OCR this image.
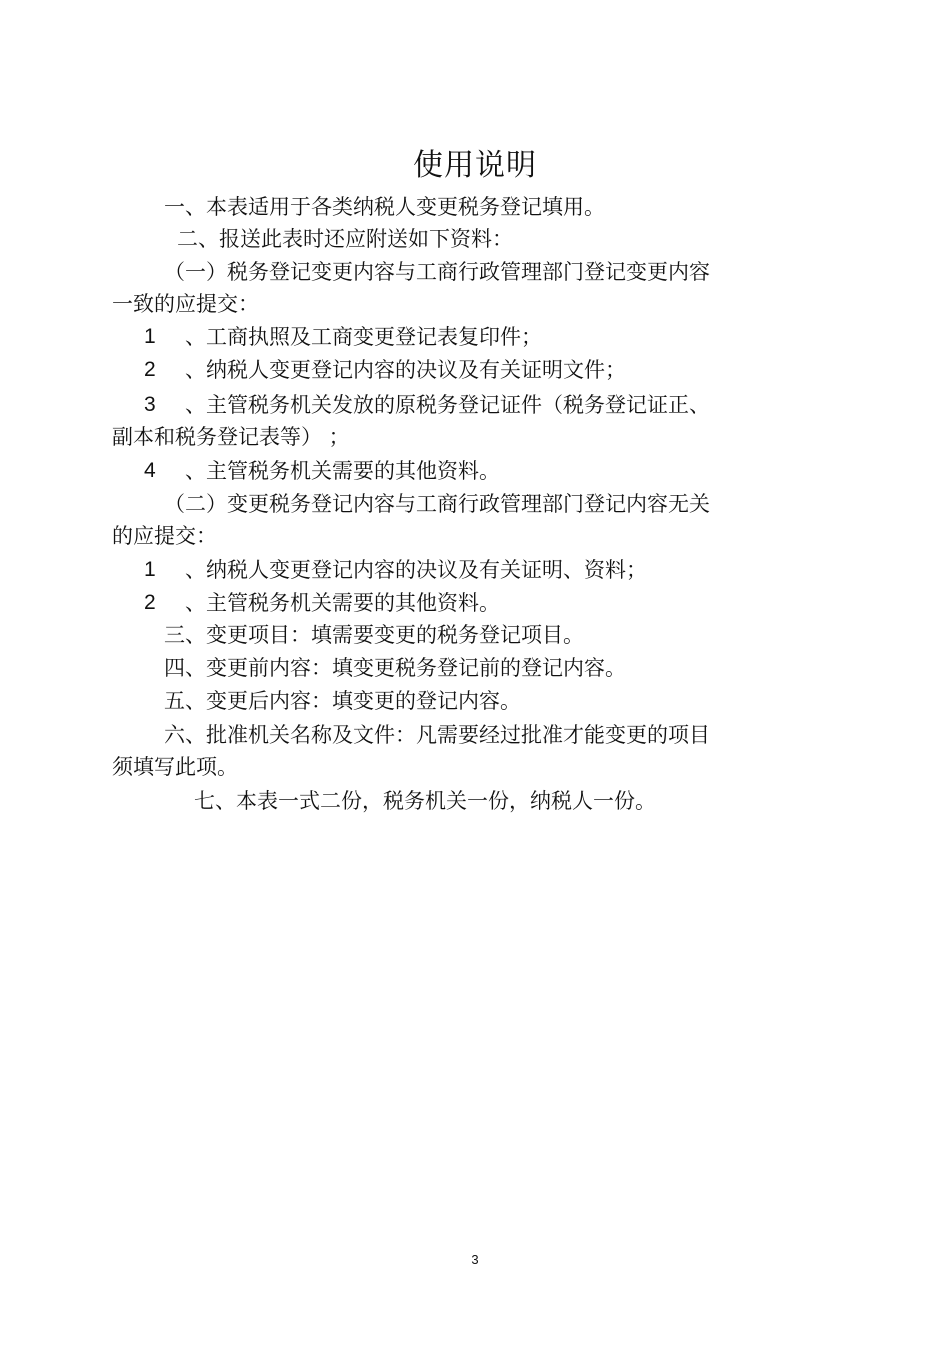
使用说明
一、本表适用于各类纳税人变更税务登记填用。
二、报送此表时还应附送如下资料：
（一）税务登记变更内容与工商行政管理部门登记变更内容
一致的应提交：
1 、工商执照及工商变更登记表复印件；
2 、纳税人变更登记内容的决议及有关证明文件；
3 、主管税务机关发放的原税务登记证件（税务登记证正、
副本和税务登记表等） ；
4 、主管税务机关需要的其他资料。
（二）变更税务登记内容与工商行政管理部门登记内容无关
的应提交：
1 、纳税人变更登记内容的决议及有关证明、资料；
2 、主管税务机关需要的其他资料。
三、变更项目：填需要变更的税务登记项目。
四、变更前内容：填变更税务登记前的登记内容。
五、变更后内容：填变更的登记内容。
六、批准机关名称及文件：凡需要经过批准才能变更的项目
须填写此项。
七、本表一式二份，税务机关一份，纳税人一份。
3
